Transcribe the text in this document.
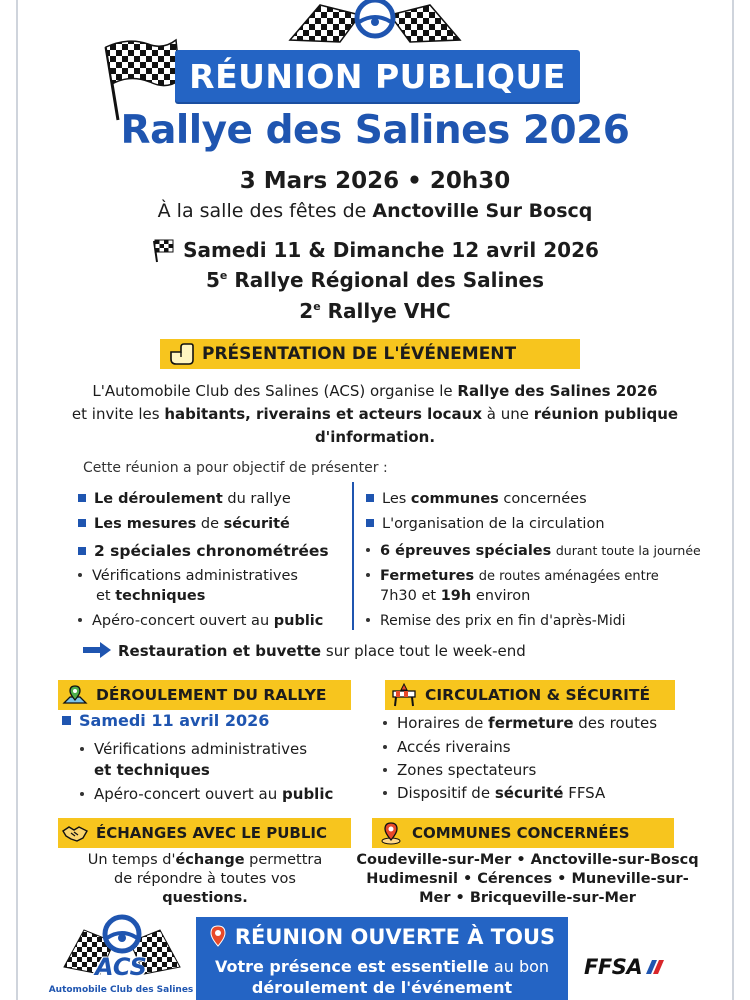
RÉUNION PUBLIQUE
Rallye des Salines 2026
3 Mars 2026 • 20h30
À la salle des fêtes de Anctoville Sur Boscq
Samedi 11 & Dimanche 12 avril 2026
5e Rallye Régional des Salines
2e Rallye VHC
PRÉSENTATION DE L'ÉVÉNEMENT
L'Automobile Club des Salines (ACS) organise le Rallye des Salines 2026
et invite les habitants, riverains et acteurs locaux à une réunion publique
d'information.
Cette réunion a pour objectif de présenter :
Le déroulement du rallye
Les mesures de sécurité
2 spéciales chronométrées
Vérifications administratives
et techniques
Apéro-concert ouvert au public
Les communes concernées
L'organisation de la circulation
6 épreuves spéciales durant toute la journée
Fermetures de routes aménagées entre
7h30 et 19h environ
Remise des prix en fin d'après-Midi
Restauration et buvette sur place tout le week-end
DÉROULEMENT DU RALLYE	CIRCULATION & SÉCURITÉ
Samedi 11 avril 2026
Vérifications administratives
et techniques
Apéro-concert ouvert au public
Horaires de fermeture des routes
Accés riverains
Zones spectateurs
Dispositif de sécurité FFSA
ÉCHANGES AVEC LE PUBLIC	COMMUNES CONCERNÉES
Un temps d'échange permettra
de répondre à toutes vos
questions.
Coudeville-sur-Mer • Anctoville-sur-Boscq
Hudimesnil • Cérences • Muneville-sur-
Mer • Bricqueville-sur-Mer
ACS
Automobile Club des Salines
RÉUNION OUVERTE À TOUS
Votre présence est essentielle au bon
déroulement de l'événement
FFSA
